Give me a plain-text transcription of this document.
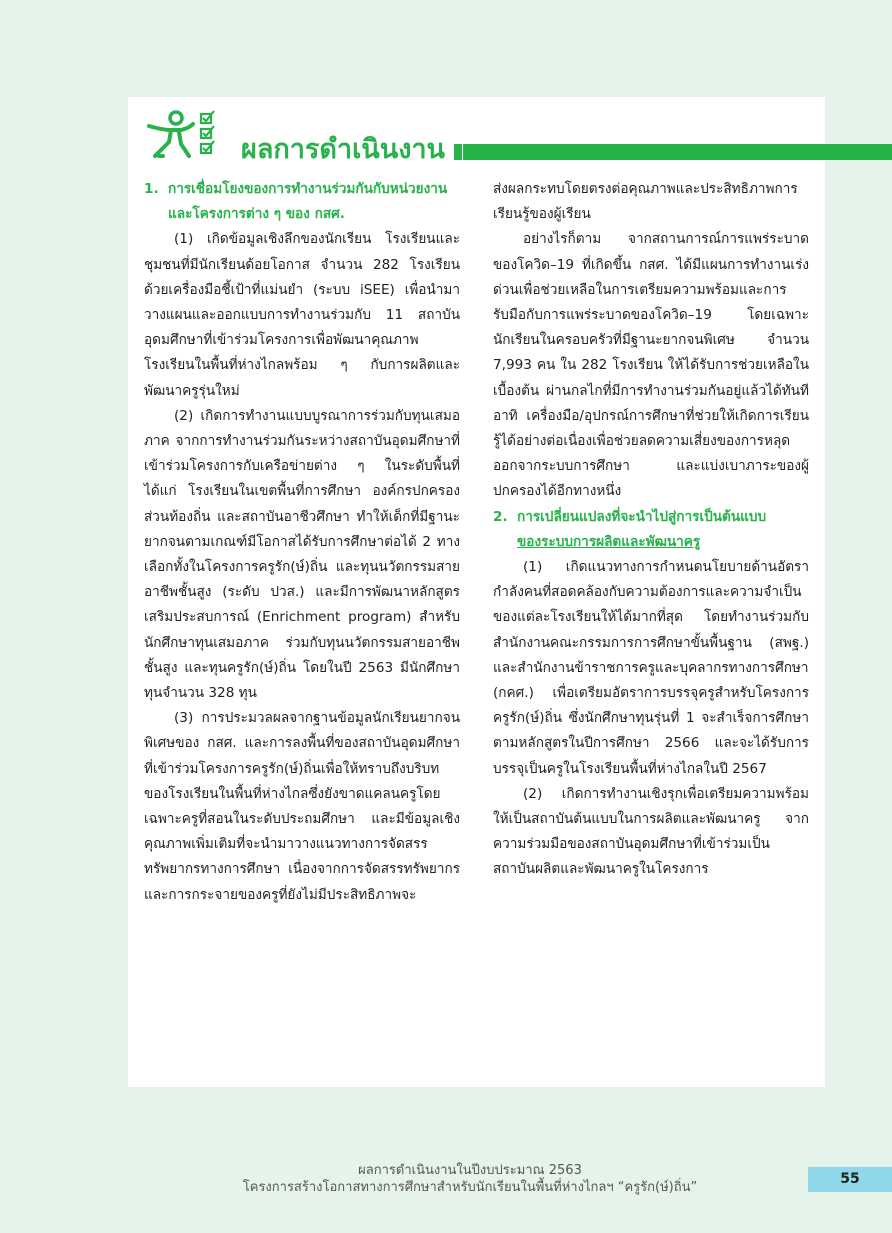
ผลการดำเนินงาน

1. การเชื่อมโยงของการทำงานร่วมกันกับหน่วยงานและโครงการต่าง ๆ ของ กสศ.

(1) เกิดข้อมูลเชิงลึกของนักเรียน โรงเรียนและชุมชนที่มีนักเรียนด้อยโอกาส จำนวน 282 โรงเรียน ด้วยเครื่องมือชี้เป้าที่แม่นยำ (ระบบ iSEE) เพื่อนำมาวางแผนและออกแบบการทำงานร่วมกับ 11 สถาบันอุดมศึกษาที่เข้าร่วมโครงการเพื่อพัฒนาคุณภาพโรงเรียนในพื้นที่ห่างไกลพร้อม ๆ กับการผลิตและพัฒนาครูรุ่นใหม่

(2) เกิดการทำงานแบบบูรณาการร่วมกับทุนเสมอภาค จากการทำงานร่วมกันระหว่างสถาบันอุดมศึกษาที่เข้าร่วมโครงการกับเครือข่ายต่าง ๆ ในระดับพื้นที่ ได้แก่ โรงเรียนในเขตพื้นที่การศึกษา องค์กรปกครองส่วนท้องถิ่น และสถาบันอาชีวศึกษา ทำให้เด็กที่มีฐานะยากจนตามเกณฑ์มีโอกาสได้รับการศึกษาต่อได้ 2 ทางเลือกทั้งในโครงการครูรัก(ษ์)ถิ่น และทุนนวัตกรรมสายอาชีพชั้นสูง (ระดับ ปวส.) และมีการพัฒนาหลักสูตรเสริมประสบการณ์ (Enrichment program) สำหรับนักศึกษาทุนเสมอภาค ร่วมกับทุนนวัตกรรมสายอาชีพชั้นสูง และทุนครูรัก(ษ์)ถิ่น โดยในปี 2563 มีนักศึกษาทุนจำนวน 328 ทุน

(3) การประมวลผลจากฐานข้อมูลนักเรียนยากจนพิเศษของ กสศ. และการลงพื้นที่ของสถาบันอุดมศึกษาที่เข้าร่วมโครงการครูรัก(ษ์)ถิ่นเพื่อให้ทราบถึงบริบทของโรงเรียนในพื้นที่ห่างไกลซึ่งยังขาดแคลนครูโดยเฉพาะครูที่สอนในระดับประถมศึกษา และมีข้อมูลเชิงคุณภาพเพิ่มเติมที่จะนำมาวางแนวทางการจัดสรรทรัพยากรทางการศึกษา เนื่องจากการจัดสรรทรัพยากรและการกระจายของครูที่ยังไม่มีประสิทธิภาพจะ

ส่งผลกระทบโดยตรงต่อคุณภาพและประสิทธิภาพการเรียนรู้ของผู้เรียน

อย่างไรก็ตาม จากสถานการณ์การแพร่ระบาดของโควิด–19 ที่เกิดขึ้น กสศ. ได้มีแผนการทำงานเร่งด่วนเพื่อช่วยเหลือในการเตรียมความพร้อมและการรับมือกับการแพร่ระบาดของโควิด–19 โดยเฉพาะนักเรียนในครอบครัวที่มีฐานะยากจนพิเศษ จำนวน 7,993 คน ใน 282 โรงเรียน ให้ได้รับการช่วยเหลือในเบื้องต้น ผ่านกลไกที่มีการทำงานร่วมกันอยู่แล้วได้ทันที อาทิ เครื่องมือ/อุปกรณ์การศึกษาที่ช่วยให้เกิดการเรียนรู้ได้อย่างต่อเนื่องเพื่อช่วยลดความเสี่ยงของการหลุดออกจากระบบการศึกษา และแบ่งเบาภาระของผู้ปกครองได้อีกทางหนึ่ง

2. การเปลี่ยนแปลงที่จะนำไปสู่การเป็นต้นแบบ
ของระบบการผลิตและพัฒนาครู

(1) เกิดแนวทางการกำหนดนโยบายด้านอัตรากำลังคนที่สอดคล้องกับความต้องการและความจำเป็นของแต่ละโรงเรียนให้ได้มากที่สุด โดยทำงานร่วมกับสำนักงานคณะกรรมการการศึกษาขั้นพื้นฐาน (สพฐ.) และสำนักงานข้าราชการครูและบุคลากรทางการศึกษา (กคศ.) เพื่อเตรียมอัตราการบรรจุครูสำหรับโครงการครูรัก(ษ์)ถิ่น ซึ่งนักศึกษาทุนรุ่นที่ 1 จะสำเร็จการศึกษาตามหลักสูตรในปีการศึกษา 2566 และจะได้รับการบรรจุเป็นครูในโรงเรียนพื้นที่ห่างไกลในปี 2567

(2) เกิดการทำงานเชิงรุกเพื่อเตรียมความพร้อมให้เป็นสถาบันต้นแบบในการผลิตและพัฒนาครู จากความร่วมมือของสถาบันอุดมศึกษาที่เข้าร่วมเป็นสถาบันผลิตและพัฒนาครูในโครงการ

ผลการดำเนินงานในปีงบประมาณ 2563
โครงการสร้างโอกาสทางการศึกษาสำหรับนักเรียนในพื้นที่ห่างไกลฯ “ครูรัก(ษ์)ถิ่น”
55
